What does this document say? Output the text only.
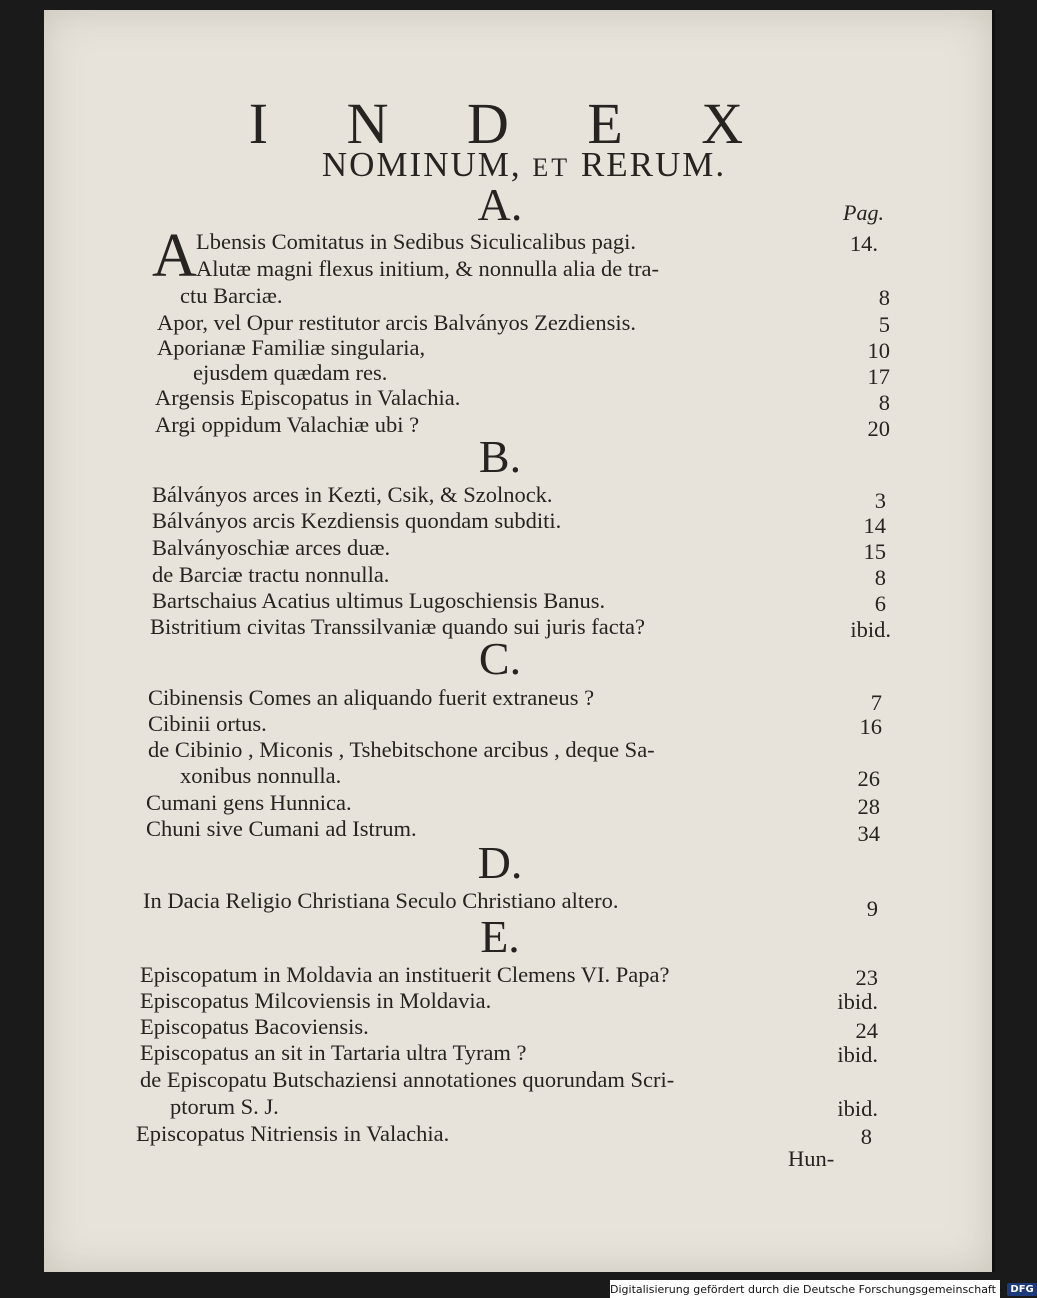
I N D E X
NOMINUM, ET RERUM.
A.	Pag.
A Lbensis Comitatus in Sedibus Siculicalibus pagi.	14.
Alutæ magni flexus initium, & nonnulla alia de tra-
ctu Barciæ.	8
Apor, vel Opur restitutor arcis Balványos Zezdiensis.	5
Aporianæ Familiæ singularia,	10
ejusdem quædam res.	17
Argensis Episcopatus in Valachia.	8
Argi oppidum Valachiæ ubi ?	20
B.
Bálványos arces in Kezti, Csik, & Szolnock.	3
Bálványos arcis Kezdiensis quondam subditi.	14
Balványoschiæ arces duæ.	15
de Barciæ tractu nonnulla.	8
Bartschaius Acatius ultimus Lugoschiensis Banus.	6
Bistritium civitas Transsilvaniæ quando sui juris facta?	ibid.
C.
Cibinensis Comes an aliquando fuerit extraneus ?	7
Cibinii ortus.	16
de Cibinio , Miconis , Tshebitschone arcibus , deque Sa-
xonibus nonnulla.	26
Cumani gens Hunnica.	28
Chuni sive Cumani ad Istrum.	34
D.
In Dacia Religio Christiana Seculo Christiano altero.	9
E.
Episcopatum in Moldavia an instituerit Clemens VI. Papa?	23
Episcopatus Milcoviensis in Moldavia.	ibid.
Episcopatus Bacoviensis.	24
Episcopatus an sit in Tartaria ultra Tyram ?	ibid.
de Episcopatu Butschaziensi annotationes quorundam Scri-
ptorum S. J.	ibid.
Episcopatus Nitriensis in Valachia.	8
Hun-
Digitalisierung gefördert durch die Deutsche Forschungsgemeinschaft - DFG
